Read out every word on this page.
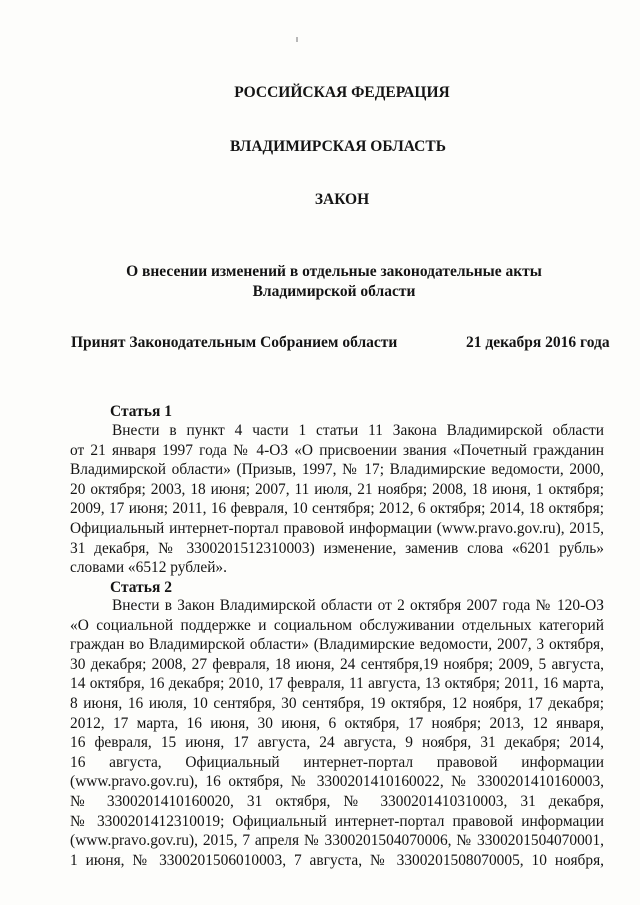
РОССИЙСКАЯ ФЕДЕРАЦИЯ
ВЛАДИМИРСКАЯ ОБЛАСТЬ
ЗАКОН
О внесении изменений в отдельные законодательные акты
Владимирской области
Принят Законодательным Собранием области	21 декабря 2016 года
Статья 1
Внести в пункт 4 части 1 статьи 11 Закона Владимирской области
от 21 января 1997 года № 4-ОЗ «О присвоении звания «Почетный гражданин
Владимирской области» (Призыв, 1997, № 17; Владимирские ведомости, 2000,
20 октября; 2003, 18 июня; 2007, 11 июля, 21 ноября; 2008, 18 июня, 1 октября;
2009, 17 июня; 2011, 16 февраля, 10 сентября; 2012, 6 октября; 2014, 18 октября;
Официальный интернет-портал правовой информации (www.pravo.gov.ru), 2015,
31 декабря, № 3300201512310003) изменение, заменив слова «6201 рубль»
словами «6512 рублей».
Статья 2
Внести в Закон Владимирской области от 2 октября 2007 года № 120-ОЗ
«О социальной поддержке и социальном обслуживании отдельных категорий
граждан во Владимирской области» (Владимирские ведомости, 2007, 3 октября,
30 декабря; 2008, 27 февраля, 18 июня, 24 сентября,19 ноября; 2009, 5 августа,
14 октября, 16 декабря; 2010, 17 февраля, 11 августа, 13 октября; 2011, 16 марта,
8 июня, 16 июля, 10 сентября, 30 сентября, 19 октября, 12 ноября, 17 декабря;
2012, 17 марта, 16 июня, 30 июня, 6 октября, 17 ноября; 2013, 12 января,
16 февраля, 15 июня, 17 августа, 24 августа, 9 ноября, 31 декабря; 2014,
16 августа, Официальный интернет-портал правовой информации
(www.pravo.gov.ru), 16 октября, № 3300201410160022, № 3300201410160003,
№ 3300201410160020, 31 октября, № 3300201410310003, 31 декабря,
№ 3300201412310019; Официальный интернет-портал правовой информации
(www.pravo.gov.ru), 2015, 7 апреля № 3300201504070006, № 3300201504070001,
1 июня, № 3300201506010003, 7 августа, № 3300201508070005, 10 ноября,
